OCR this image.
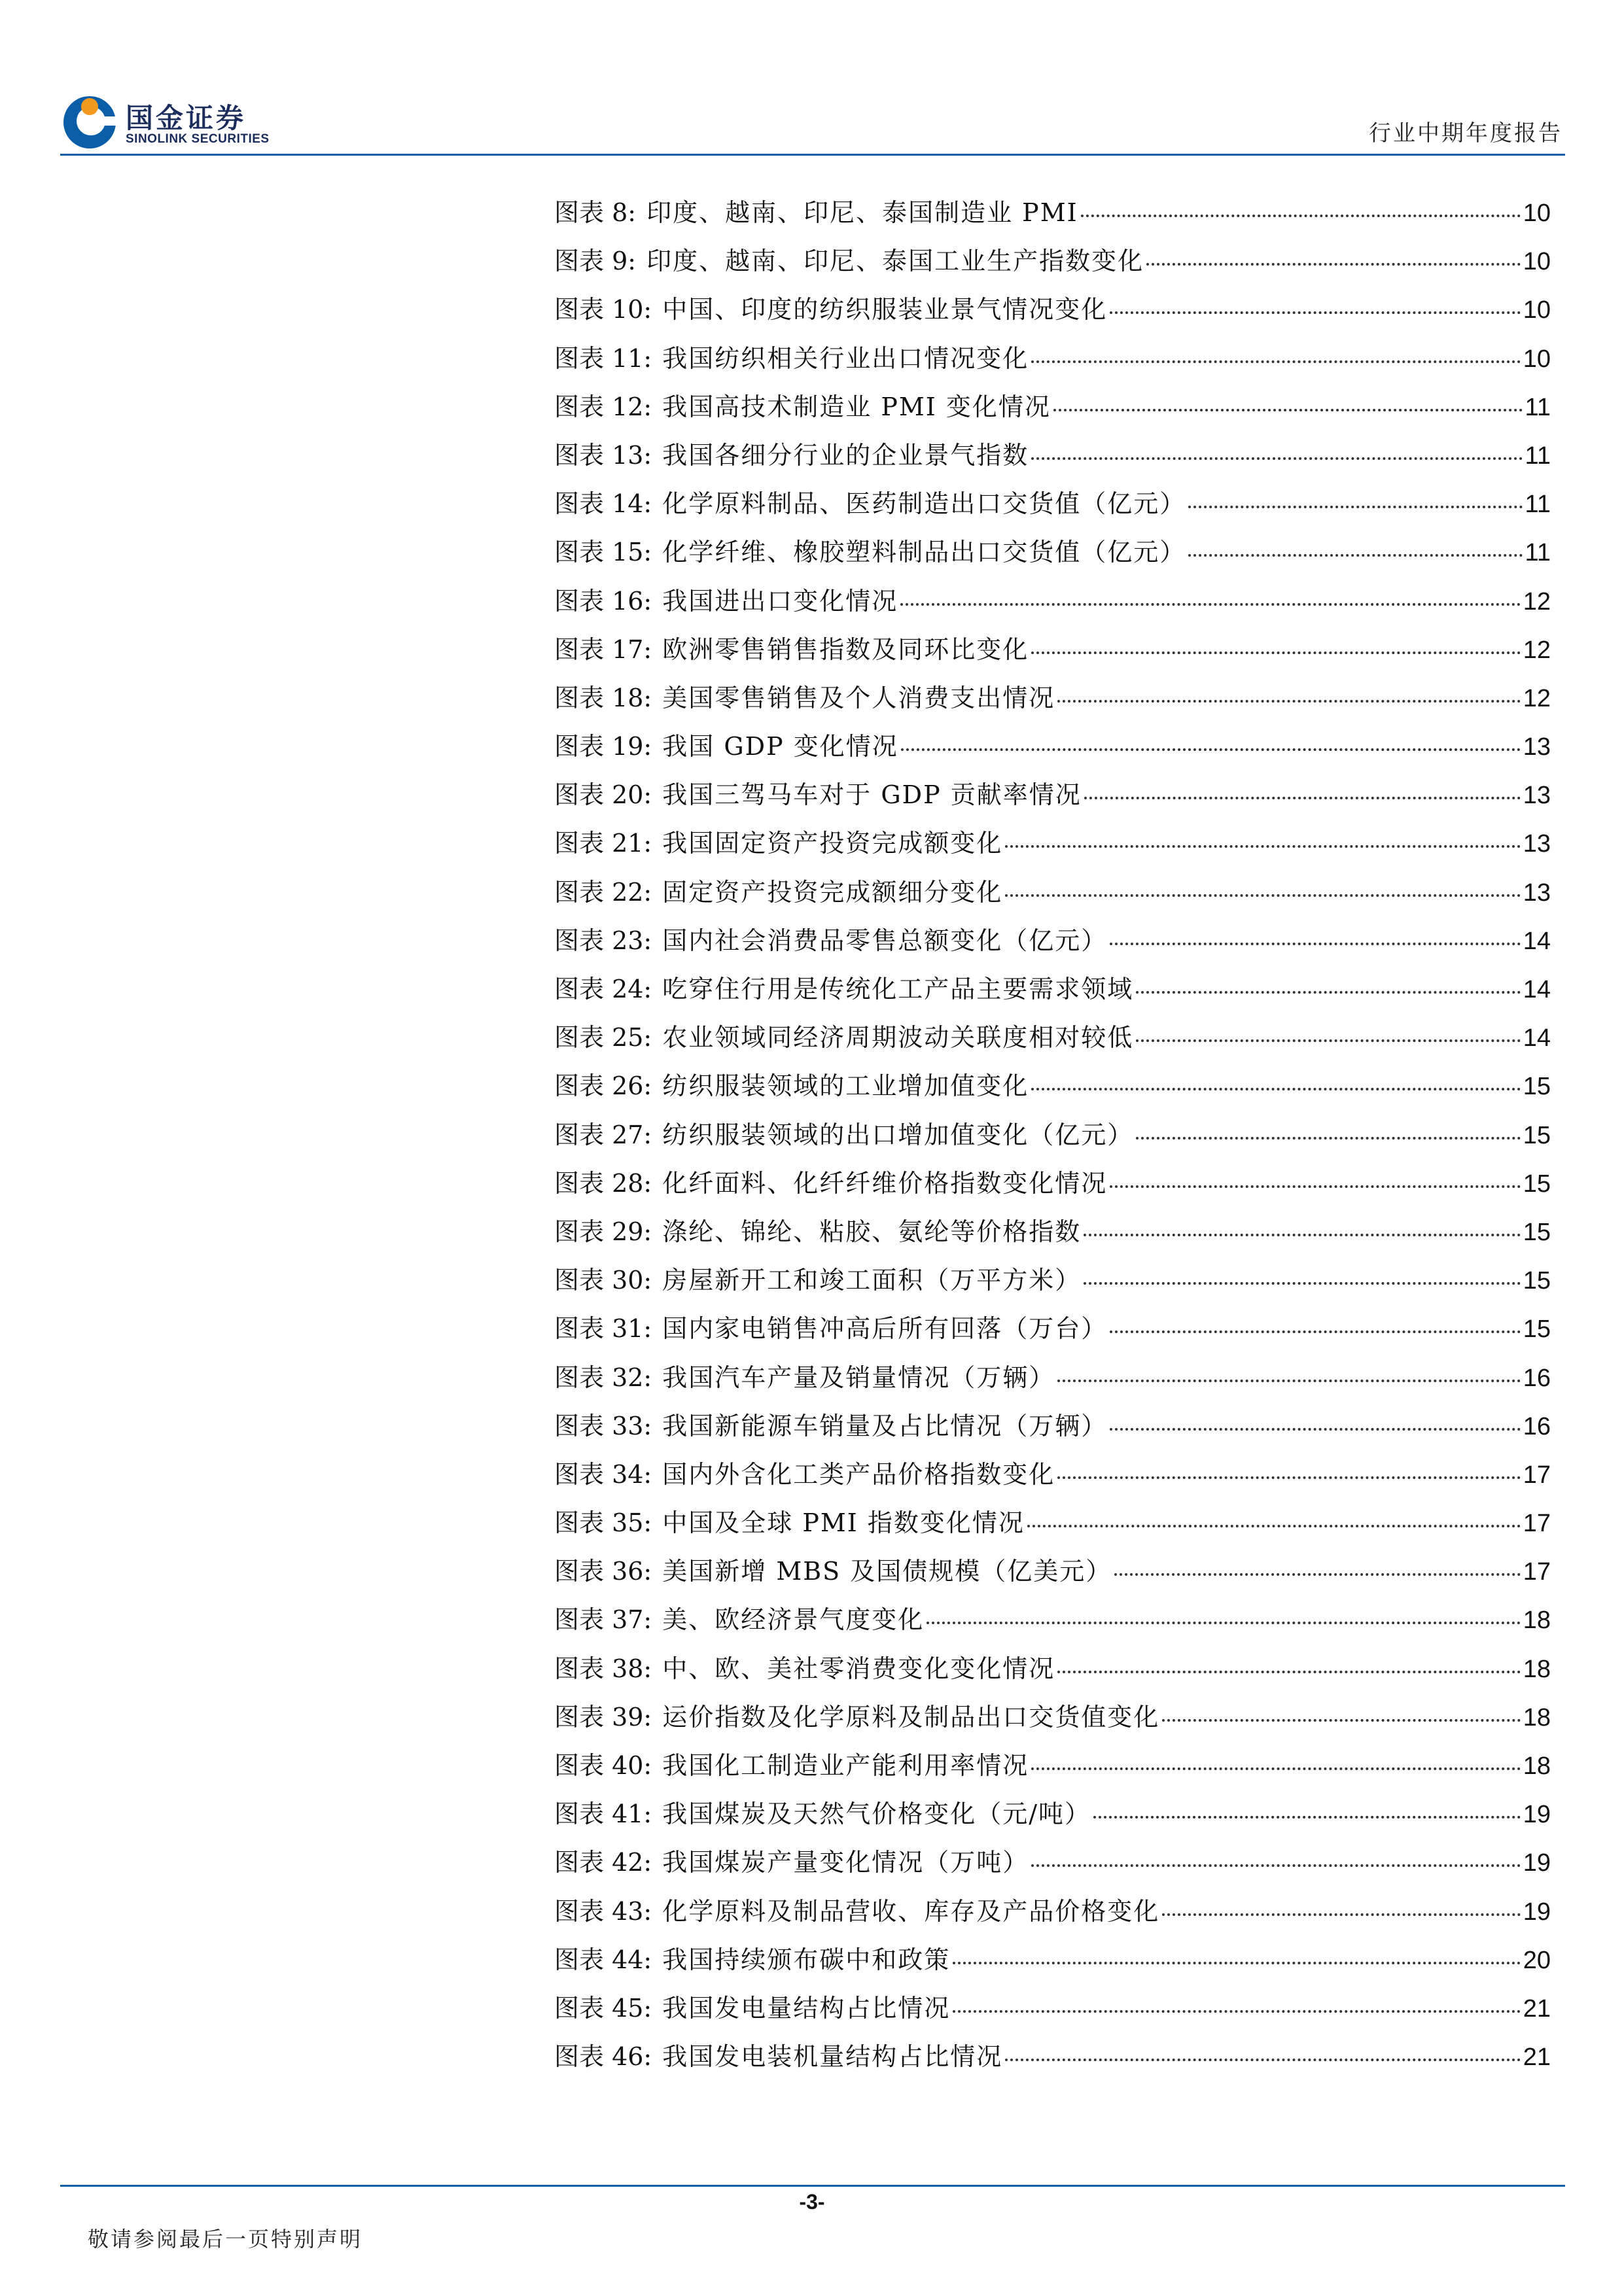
国金证券
SINOLINK SECURITIES	行业中期年度报告
图表 8: 印度、越南、印尼、泰国制造业 PMI	10
图表 9: 印度、越南、印尼、泰国工业生产指数变化	10
图表 10: 中国、印度的纺织服装业景气情况变化	10
图表 11: 我国纺织相关行业出口情况变化	10
图表 12: 我国高技术制造业 PMI 变化情况	11
图表 13: 我国各细分行业的企业景气指数	11
图表 14: 化学原料制品、医药制造出口交货值（亿元）	11
图表 15: 化学纤维、橡胶塑料制品出口交货值（亿元）	11
图表 16: 我国进出口变化情况	12
图表 17: 欧洲零售销售指数及同环比变化	12
图表 18: 美国零售销售及个人消费支出情况	12
图表 19: 我国 GDP 变化情况	13
图表 20: 我国三驾马车对于 GDP 贡献率情况	13
图表 21: 我国固定资产投资完成额变化	13
图表 22: 固定资产投资完成额细分变化	13
图表 23: 国内社会消费品零售总额变化（亿元）	14
图表 24: 吃穿住行用是传统化工产品主要需求领域	14
图表 25: 农业领域同经济周期波动关联度相对较低	14
图表 26: 纺织服装领域的工业增加值变化	15
图表 27: 纺织服装领域的出口增加值变化（亿元）	15
图表 28: 化纤面料、化纤纤维价格指数变化情况	15
图表 29: 涤纶、锦纶、粘胶、氨纶等价格指数	15
图表 30: 房屋新开工和竣工面积（万平方米）	15
图表 31: 国内家电销售冲高后所有回落（万台）	15
图表 32: 我国汽车产量及销量情况（万辆）	16
图表 33: 我国新能源车销量及占比情况（万辆）	16
图表 34: 国内外含化工类产品价格指数变化	17
图表 35: 中国及全球 PMI 指数变化情况	17
图表 36: 美国新增 MBS 及国债规模（亿美元）	17
图表 37: 美、欧经济景气度变化	18
图表 38: 中、欧、美社零消费变化变化情况	18
图表 39: 运价指数及化学原料及制品出口交货值变化	18
图表 40: 我国化工制造业产能利用率情况	18
图表 41: 我国煤炭及天然气价格变化（元/吨）	19
图表 42: 我国煤炭产量变化情况（万吨）	19
图表 43: 化学原料及制品营收、库存及产品价格变化	19
图表 44: 我国持续颁布碳中和政策	20
图表 45: 我国发电量结构占比情况	21
图表 46: 我国发电装机量结构占比情况	21
-3-
敬请参阅最后一页特别声明
